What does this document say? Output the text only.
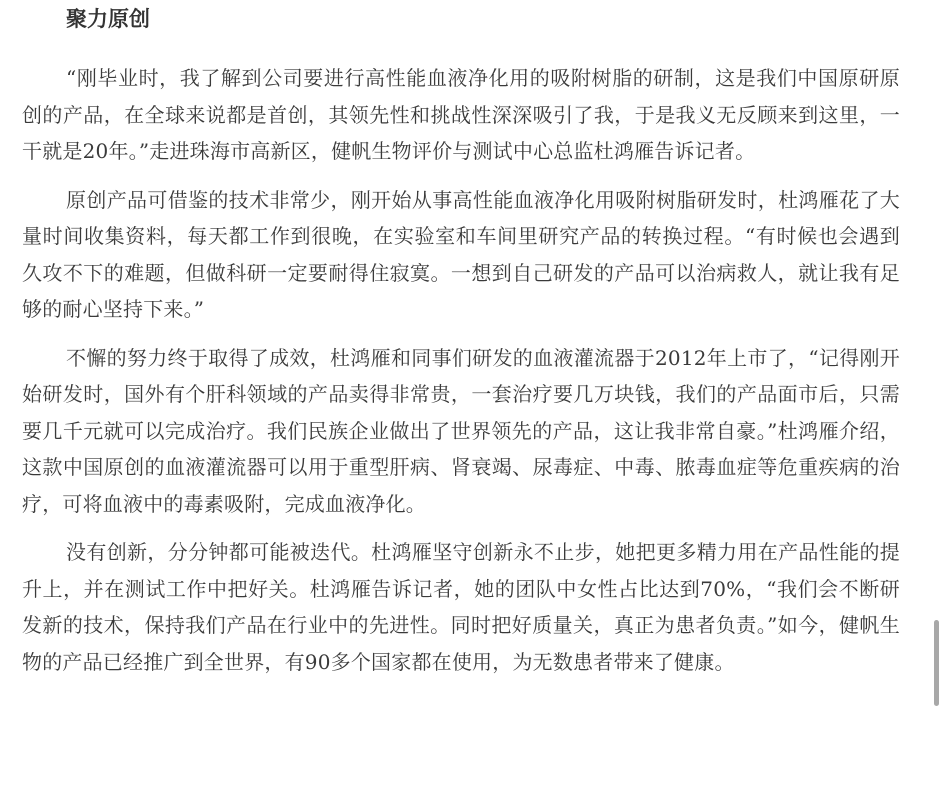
聚力原创

“刚毕业时，我了解到公司要进行高性能血液净化用的吸附树脂的研制，这是我们中国原研原创的产品，在全球来说都是首创，其领先性和挑战性深深吸引了我，于是我义无反顾来到这里，一干就是20年。”走进珠海市高新区，健帆生物评价与测试中心总监杜鸿雁告诉记者。

原创产品可借鉴的技术非常少，刚开始从事高性能血液净化用吸附树脂研发时，杜鸿雁花了大量时间收集资料，每天都工作到很晚，在实验室和车间里研究产品的转换过程。“有时候也会遇到久攻不下的难题，但做科研一定要耐得住寂寞。一想到自己研发的产品可以治病救人，就让我有足够的耐心坚持下来。”

不懈的努力终于取得了成效，杜鸿雁和同事们研发的血液灌流器于2012年上市了，“记得刚开始研发时，国外有个肝科领域的产品卖得非常贵，一套治疗要几万块钱，我们的产品面市后，只需要几千元就可以完成治疗。我们民族企业做出了世界领先的产品，这让我非常自豪。”杜鸿雁介绍，这款中国原创的血液灌流器可以用于重型肝病、肾衰竭、尿毒症、中毒、脓毒血症等危重疾病的治疗，可将血液中的毒素吸附，完成血液净化。

没有创新，分分钟都可能被迭代。杜鸿雁坚守创新永不止步，她把更多精力用在产品性能的提升上，并在测试工作中把好关。杜鸿雁告诉记者，她的团队中女性占比达到70%，“我们会不断研发新的技术，保持我们产品在行业中的先进性。同时把好质量关，真正为患者负责。”如今，健帆生物的产品已经推广到全世界，有90多个国家都在使用，为无数患者带来了健康。
